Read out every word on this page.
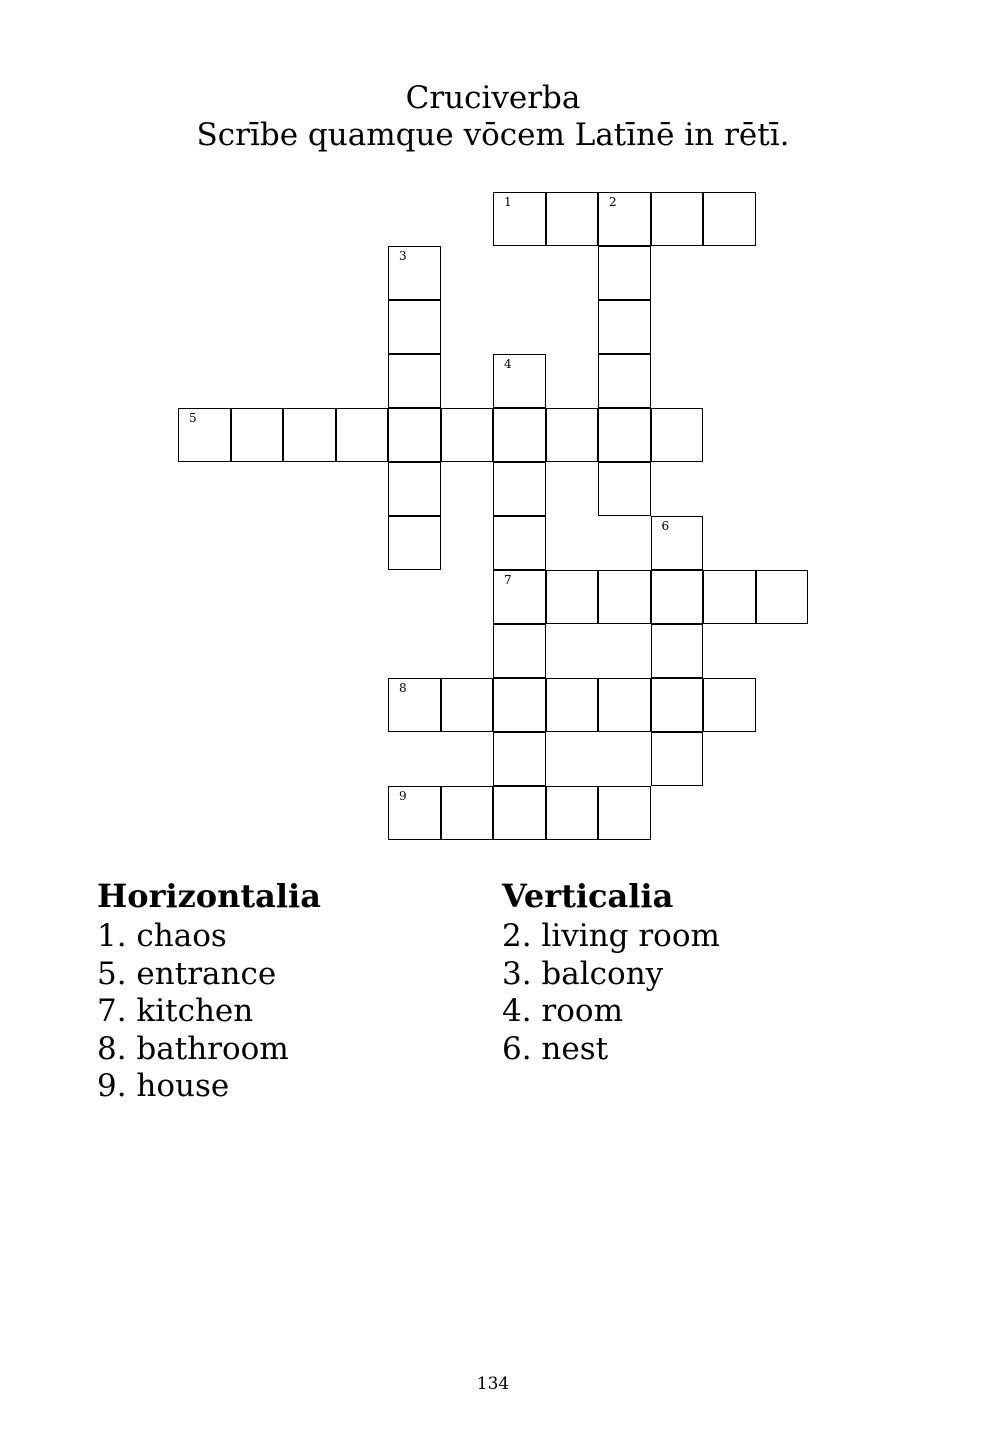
Cruciverba
Scrībe quamque vōcem Latīnē in rētī.
1	2
3
4
5
6
7
8
9
Horizontalia
1. chaos
5. entrance
7. kitchen
8. bathroom
9. house
Verticalia
2. living room
3. balcony
4. room
6. nest
134
